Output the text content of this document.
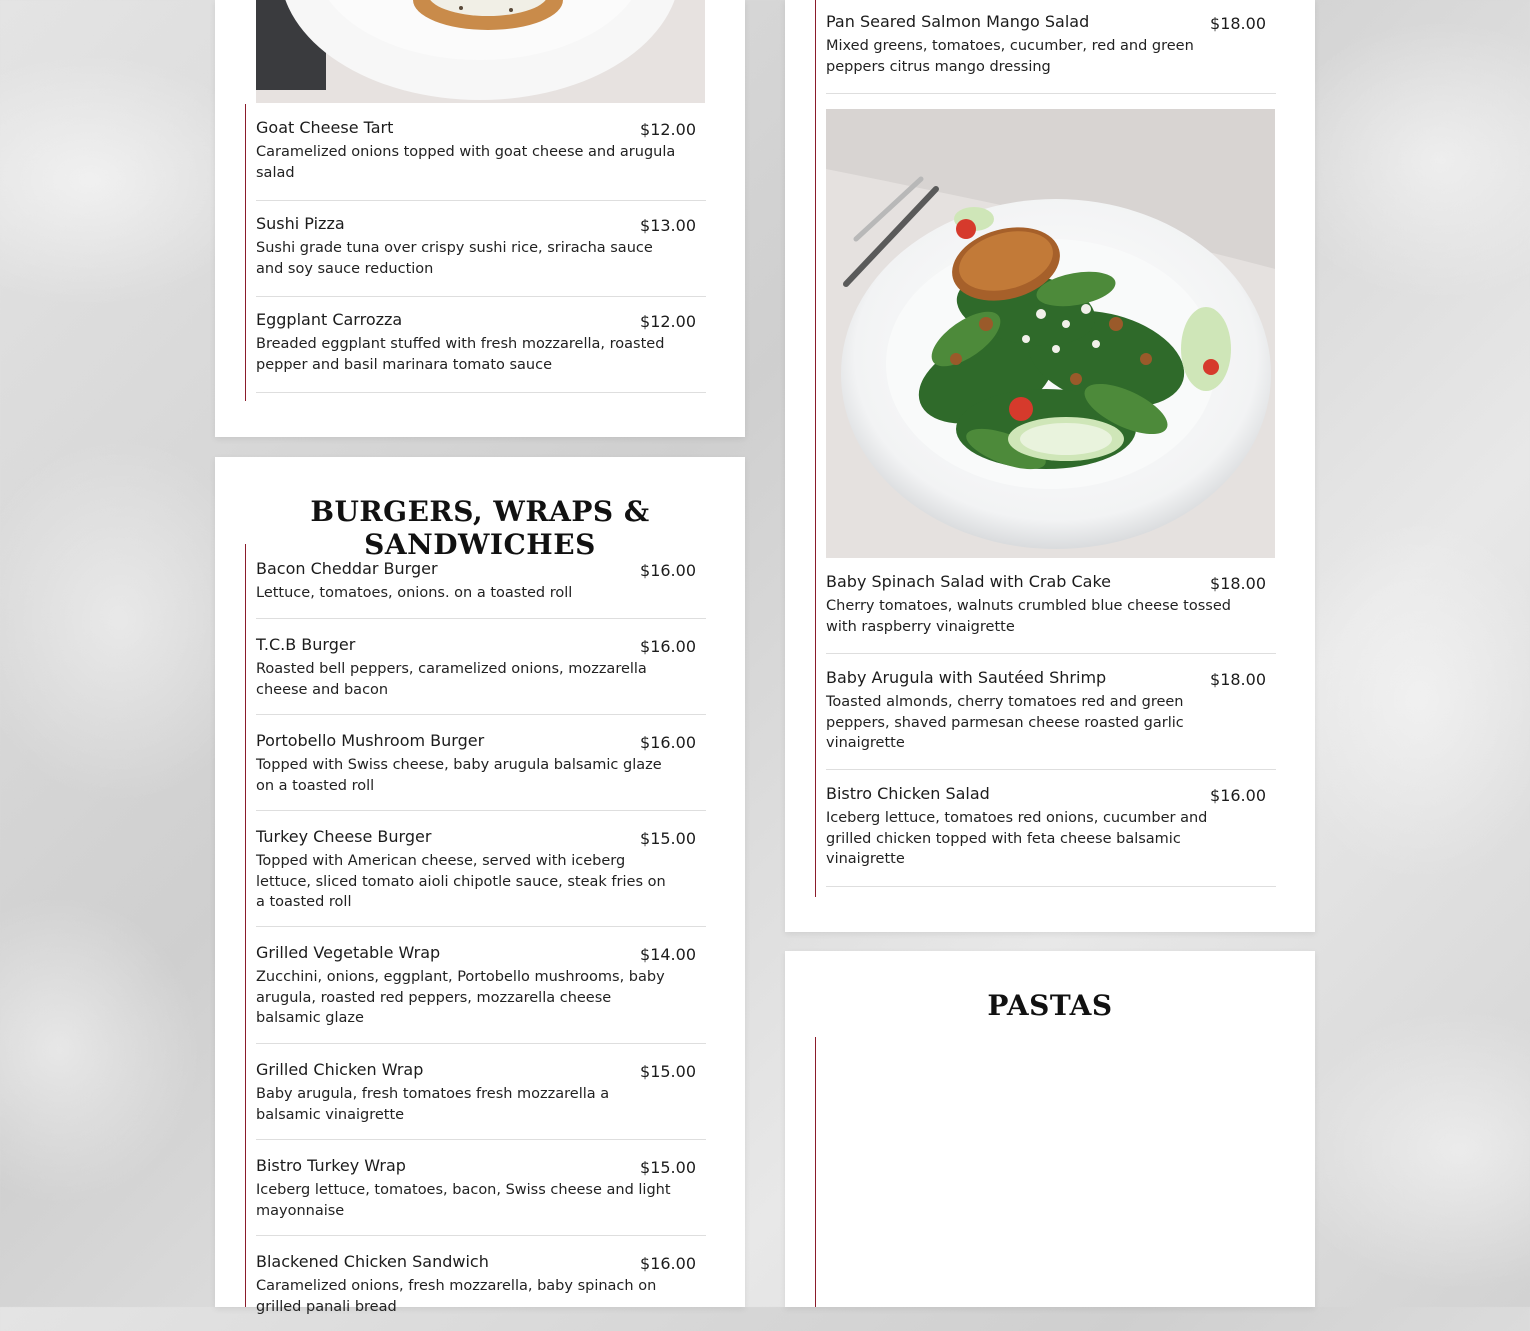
Goat Cheese Tart	$12.00
Caramelized onions topped with goat cheese and arugula salad
Sushi Pizza	$13.00
Sushi grade tuna over crispy sushi rice, sriracha sauce and soy sauce reduction
Eggplant Carrozza	$12.00
Breaded eggplant stuffed with fresh mozzarella, roasted pepper and basil marinara tomato sauce
BURGERS, WRAPS & SANDWICHES
Bacon Cheddar Burger	$16.00
Lettuce, tomatoes, onions. on a toasted roll
T.C.B Burger	$16.00
Roasted bell peppers, caramelized onions, mozzarella cheese and bacon
Portobello Mushroom Burger	$16.00
Topped with Swiss cheese, baby arugula balsamic glaze on a toasted roll
Turkey Cheese Burger	$15.00
Topped with American cheese, served with iceberg lettuce, sliced tomato aioli chipotle sauce, steak fries on a toasted roll
Grilled Vegetable Wrap	$14.00
Zucchini, onions, eggplant, Portobello mushrooms, baby arugula, roasted red peppers, mozzarella cheese balsamic glaze
Grilled Chicken Wrap	$15.00
Baby arugula, fresh tomatoes fresh mozzarella a balsamic vinaigrette
Bistro Turkey Wrap	$15.00
Iceberg lettuce, tomatoes, bacon, Swiss cheese and light mayonnaise
Blackened Chicken Sandwich	$16.00
Caramelized onions, fresh mozzarella, baby spinach on grilled panali bread
Pan Seared Salmon Mango Salad	$18.00
Mixed greens, tomatoes, cucumber, red and green peppers citrus mango dressing
Baby Spinach Salad with Crab Cake	$18.00
Cherry tomatoes, walnuts crumbled blue cheese tossed with raspberry vinaigrette
Baby Arugula with Sautéed Shrimp	$18.00
Toasted almonds, cherry tomatoes red and green peppers, shaved parmesan cheese roasted garlic vinaigrette
Bistro Chicken Salad	$16.00
Iceberg lettuce, tomatoes red onions, cucumber and grilled chicken topped with feta cheese balsamic vinaigrette
PASTAS
